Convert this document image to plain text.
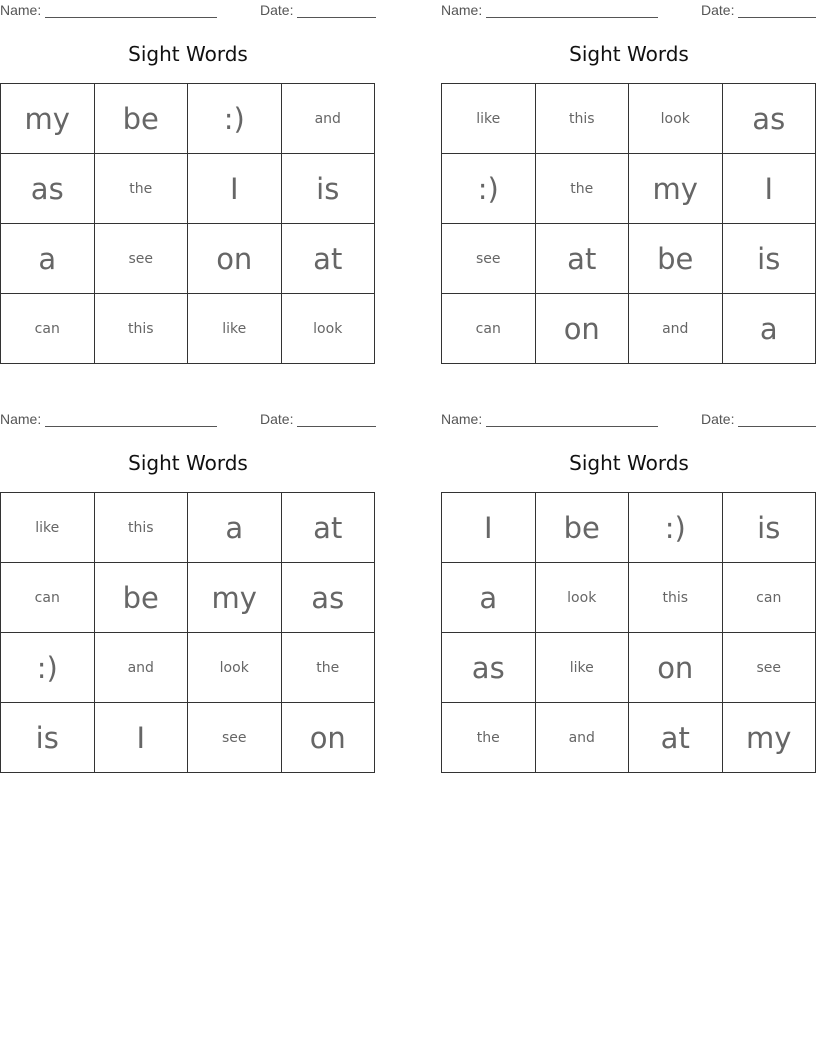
Name:	Date:
Sight Words
my	be	:)	and
as	the	I	is
a	see	on	at
can	this	like	look
Name:	Date:
Sight Words
like	this	look	as
:)	the	my	I
see	at	be	is
can	on	and	a
Name:	Date:
Sight Words
like	this	a	at
can	be	my	as
:)	and	look	the
is	I	see	on
Name:	Date:
Sight Words
I	be	:)	is
a	look	this	can
as	like	on	see
the	and	at	my
